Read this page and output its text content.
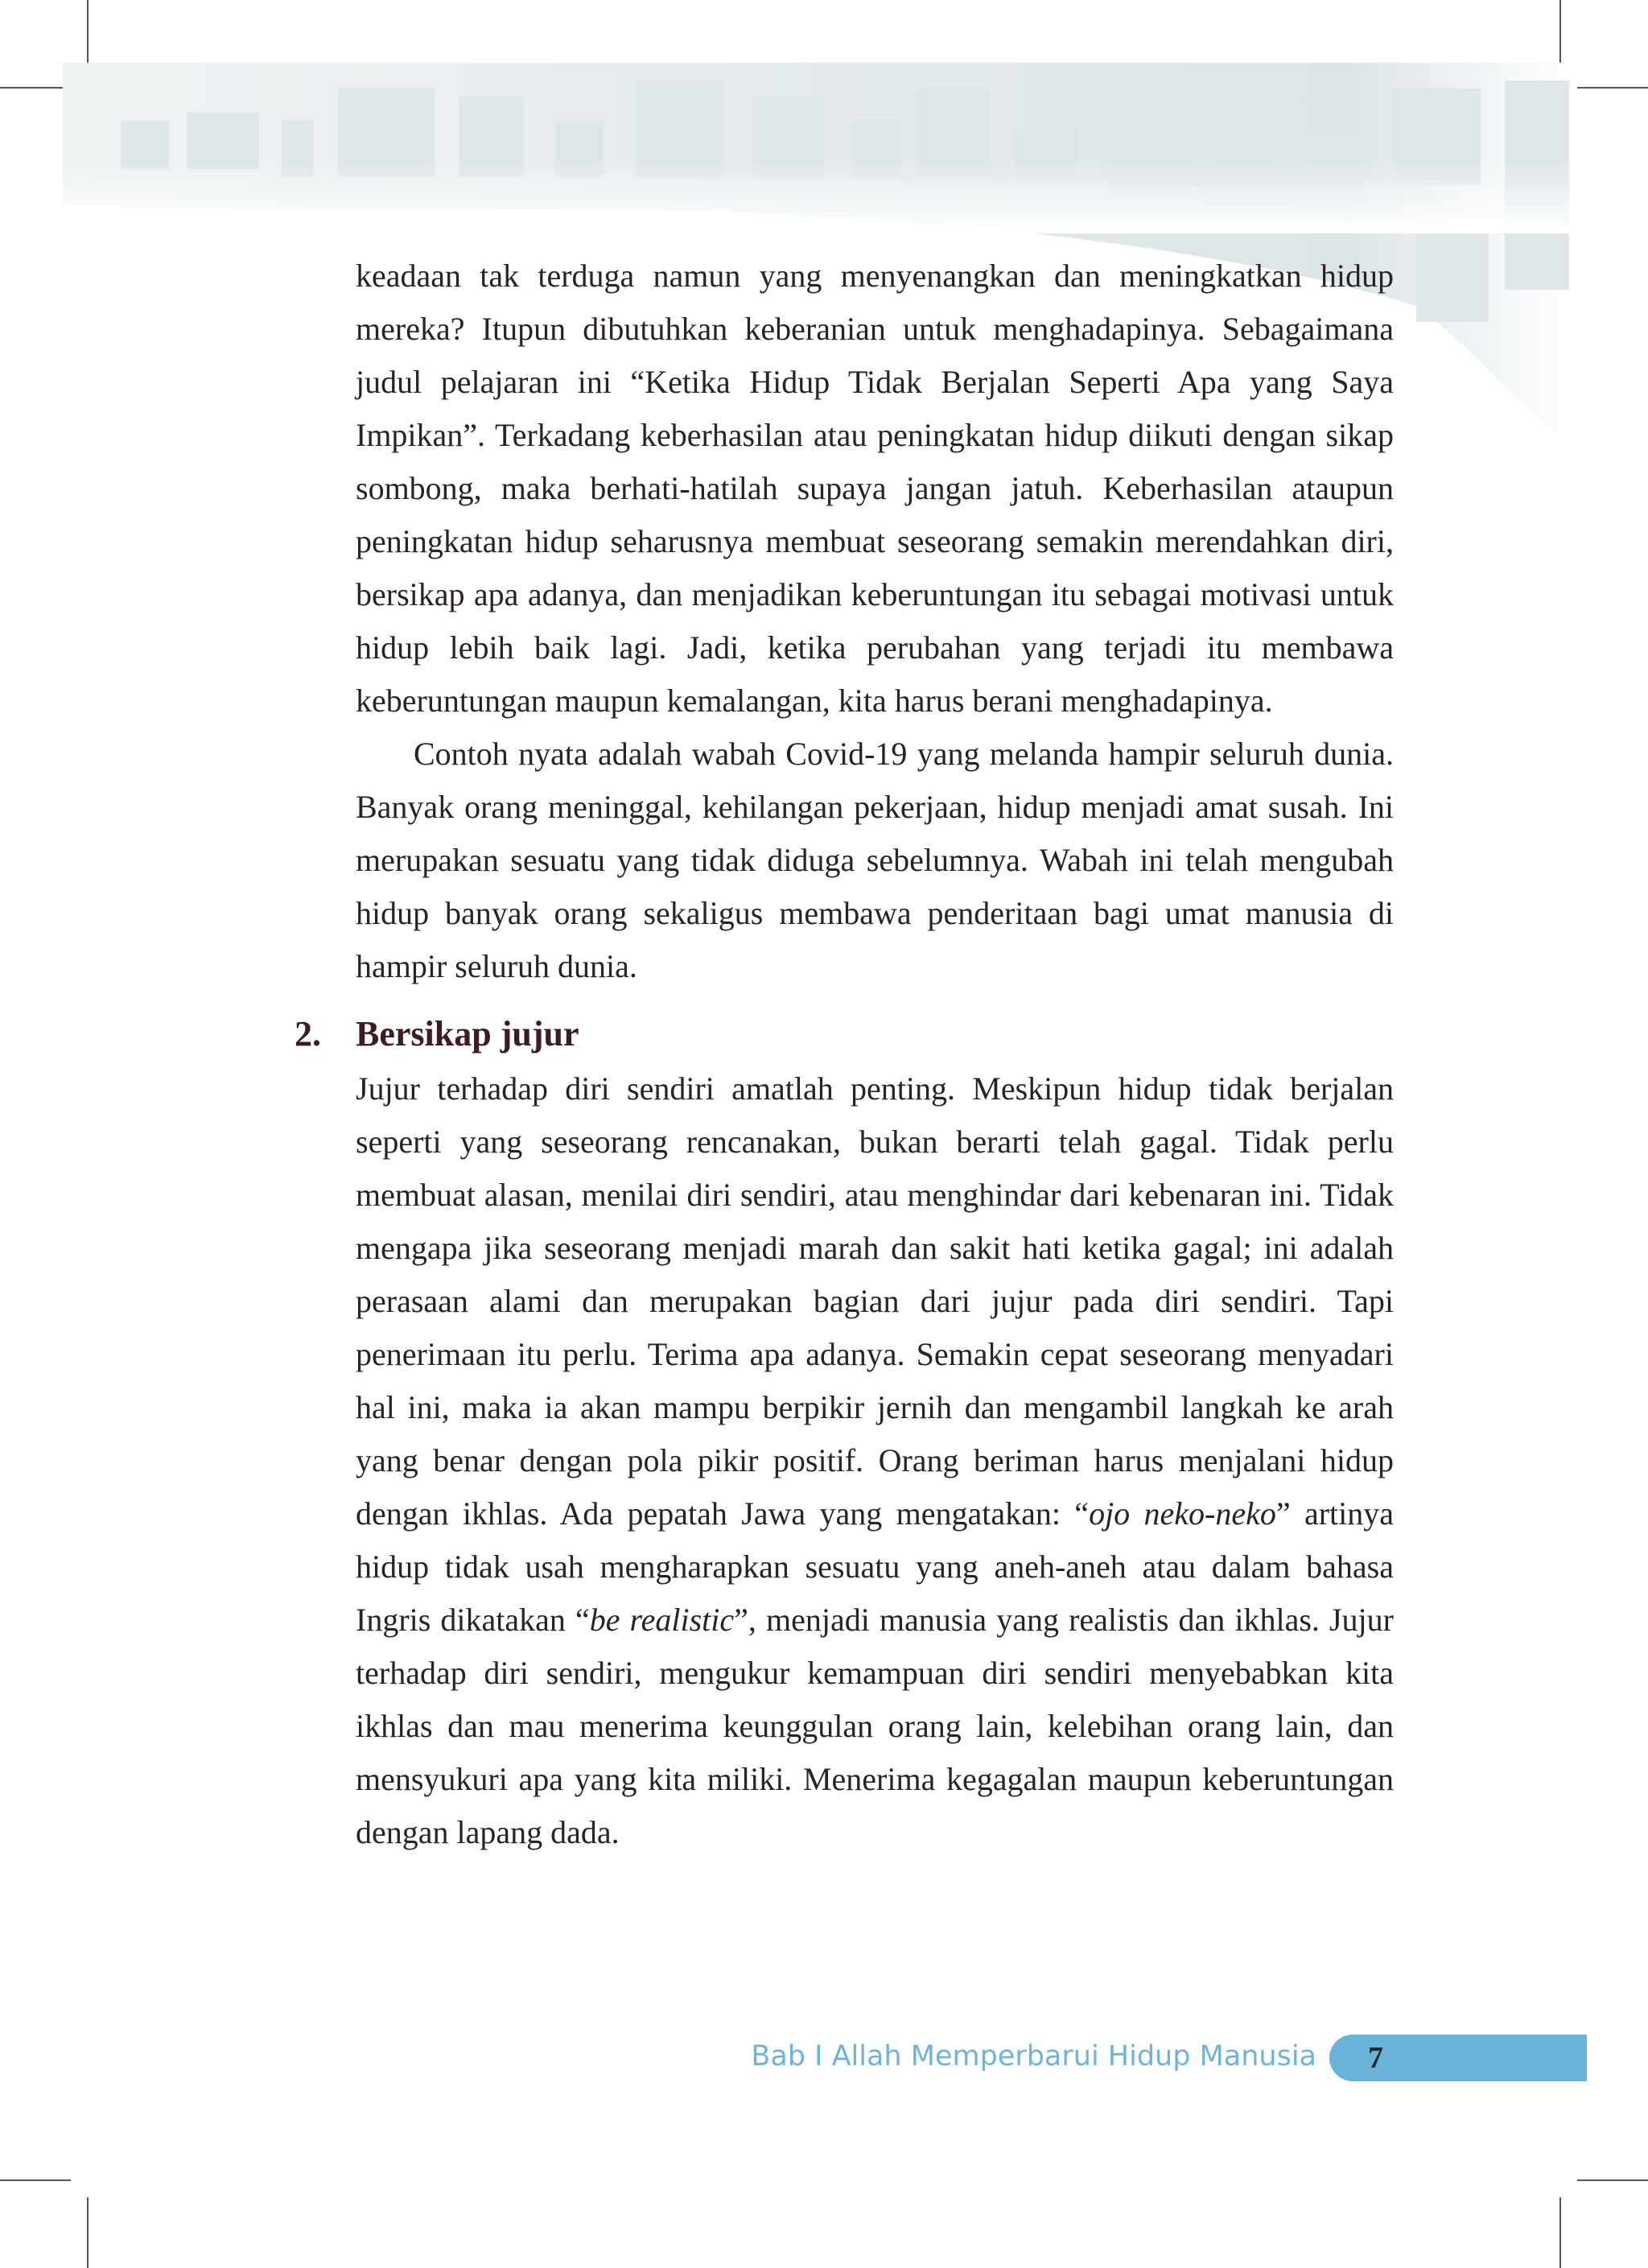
keadaan tak terduga namun yang menyenangkan dan meningkatkan hidup mereka? Itupun dibutuhkan keberanian untuk menghadapinya. Sebagaimana judul pelajaran ini “Ketika Hidup Tidak Berjalan Seperti Apa yang Saya Impikan”. Terkadang keberhasilan atau peningkatan hidup diikuti dengan sikap sombong, maka berhati-hatilah supaya jangan jatuh. Keberhasilan ataupun peningkatan hidup seharusnya membuat seseorang semakin merendahkan diri, bersikap apa adanya, dan menjadikan keberuntungan itu sebagai motivasi untuk hidup lebih baik lagi. Jadi, ketika perubahan yang terjadi itu membawa keberuntungan maupun kemalangan, kita harus berani menghadapinya.

Contoh nyata adalah wabah Covid-19 yang melanda hampir seluruh dunia. Banyak orang meninggal, kehilangan pekerjaan, hidup menjadi amat susah. Ini merupakan sesuatu yang tidak diduga sebelumnya. Wabah ini telah mengubah hidup banyak orang sekaligus membawa penderitaan bagi umat manusia di hampir seluruh dunia.

2. Bersikap jujur

Jujur terhadap diri sendiri amatlah penting. Meskipun hidup tidak berjalan seperti yang seseorang rencanakan, bukan berarti telah gagal. Tidak perlu membuat alasan, menilai diri sendiri, atau menghindar dari kebenaran ini. Tidak mengapa jika seseorang menjadi marah dan sakit hati ketika gagal; ini adalah perasaan alami dan merupakan bagian dari jujur pada diri sendiri. Tapi penerimaan itu perlu. Terima apa adanya. Semakin cepat seseorang menyadari hal ini, maka ia akan mampu berpikir jernih dan mengambil langkah ke arah yang benar dengan pola pikir positif. Orang beriman harus menjalani hidup dengan ikhlas. Ada pepatah Jawa yang mengatakan: “ojo neko-neko” artinya hidup tidak usah mengharapkan sesuatu yang aneh-aneh atau dalam bahasa Ingris dikatakan “be realistic”, menjadi manusia yang realistis dan ikhlas. Jujur terhadap diri sendiri, mengukur kemampuan diri sendiri menyebabkan kita ikhlas dan mau menerima keunggulan orang lain, kelebihan orang lain, dan mensyukuri apa yang kita miliki. Menerima kegagalan maupun keberuntungan dengan lapang dada.

Bab I Allah Memperbarui Hidup Manusia 7
